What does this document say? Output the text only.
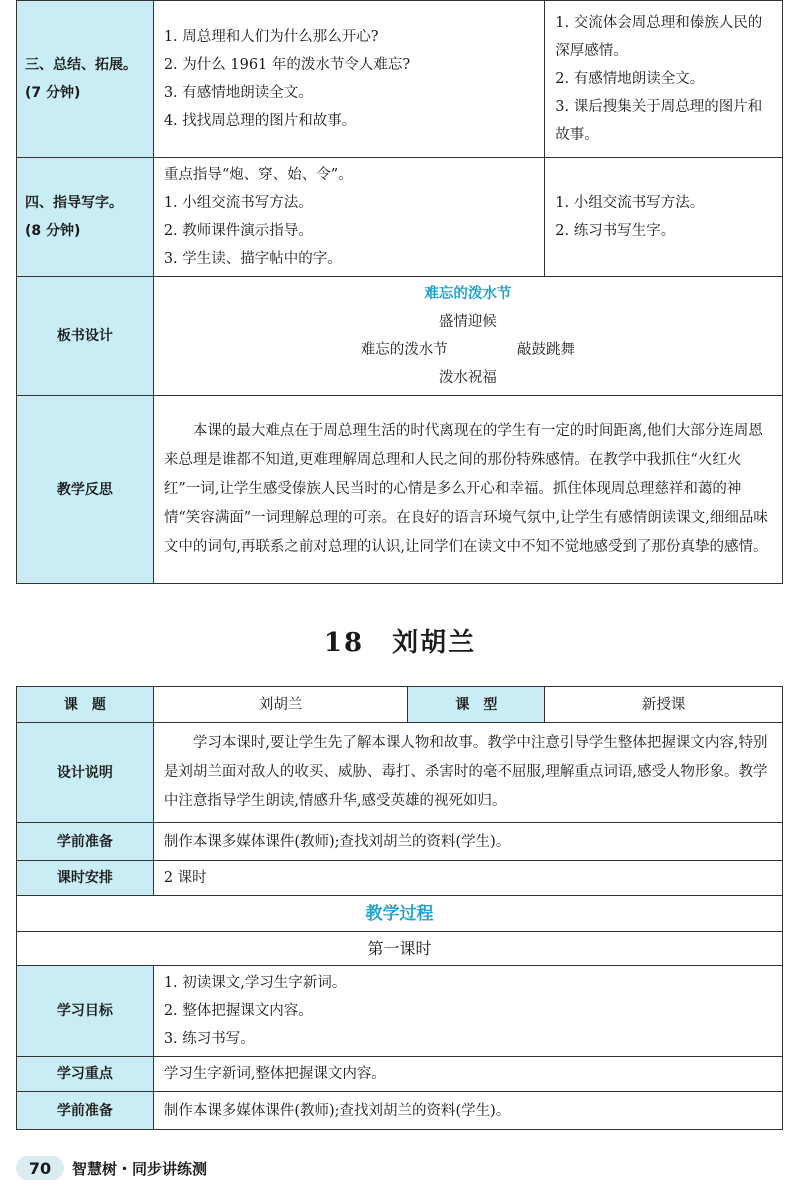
三、总结、拓展。
(7 分钟)	1. 周总理和人们为什么那么开心?
2. 为什么 1961 年的泼水节令人难忘?
3. 有感情地朗读全文。
4. 找找周总理的图片和故事。	1. 交流体会周总理和傣族人民的深厚感情。
2. 有感情地朗读全文。
3. 课后搜集关于周总理的图片和故事。

四、指导写字。
(8 分钟)	重点指导“炮、穿、始、令”。
1. 小组交流书写方法。
2. 教师课件演示指导。
3. 学生读、描字帖中的字。	1. 小组交流书写方法。
2. 练习书写生字。

板书设计	难忘的泼水节
盛情迎候
难忘的泼水节 敲鼓跳舞
泼水祝福	

教学反思	本课的最大难点在于周总理生活的时代离现在的学生有一定的时间距离,他们大部分连周恩来总理是谁都不知道,更难理解周总理和人民之间的那份特殊感情。在教学中我抓住“火红火红”一词,让学生感受傣族人民当时的心情是多么开心和幸福。抓住体现周总理慈祥和蔼的神情“笑容满面”一词理解总理的可亲。在良好的语言环境气氛中,让学生有感情朗读课文,细细品味文中的词句,再联系之前对总理的认识,让同学们在读文中不知不觉地感受到了那份真挚的感情。	
18　刘胡兰
课　题	刘胡兰	课　型	新授课
设计说明	学习本课时,要让学生先了解本课人物和故事。教学中注意引导学生整体把握课文内容,特别是刘胡兰面对敌人的收买、威胁、毒打、杀害时的毫不屈服,理解重点词语,感受人物形象。教学中注意指导学生朗读,情感升华,感受英雄的视死如归。		
学前准备	制作本课多媒体课件(教师);查找刘胡兰的资料(学生)。		
课时安排	2 课时		
教学过程			
第一课时			
学习目标	1. 初读课文,学习生字新词。
2. 整体把握课文内容。
3. 练习书写。		

学习重点	学习生字新词,整体把握课文内容。		
学前准备	制作本课多媒体课件(教师);查找刘胡兰的资料(学生)。		
70	智慧树・同步讲练测
